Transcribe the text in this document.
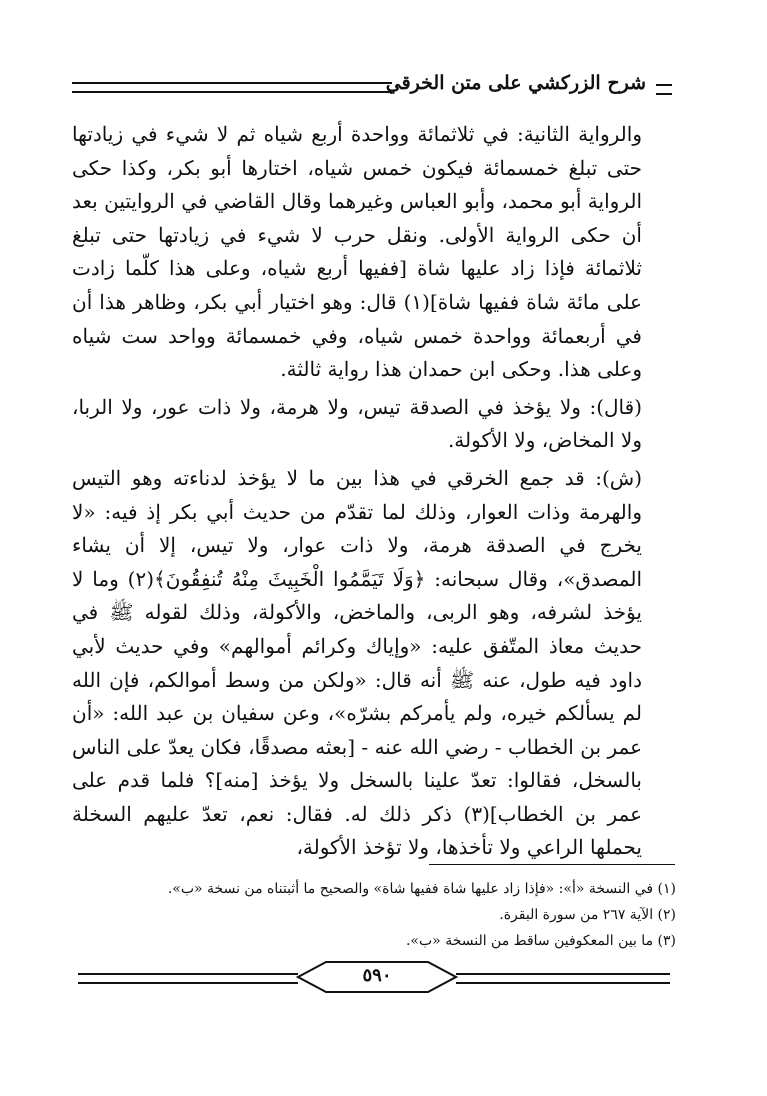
شرح الزركشي على متن الخرقي

والرواية الثانية: في ثلاثمائة وواحدة أربع شياه ثم لا شيء في زيادتها حتى تبلغ خمسمائة فيكون خمس شياه، اختارها أبو بكر، وكذا حكى الرواية أبو محمد، وأبو العباس وغيرهما وقال القاضي في الروايتين بعد أن حكى الرواية الأولى. ونقل حرب لا شيء في زيادتها حتى تبلغ ثلاثمائة فإذا زاد عليها شاة [ففيها أربع شياه، وعلى هذا كلّما زادت على مائة شاة ففيها شاة](١) قال: وهو اختيار أبي بكر، وظاهر هذا أن في أربعمائة وواحدة خمس شياه، وفي خمسمائة وواحد ست شياه وعلى هذا. وحكى ابن حمدان هذا رواية ثالثة.

(قال): ولا يؤخذ في الصدقة تيس، ولا هرمة، ولا ذات عور، ولا الربا، ولا المخاض، ولا الأكولة.

(ش): قد جمع الخرقي في هذا بين ما لا يؤخذ لدناءته وهو التيس والهرمة وذات العوار، وذلك لما تقدّم من حديث أبي بكر إذ فيه: «لا يخرج في الصدقة هرمة، ولا ذات عوار، ولا تيس، إلا أن يشاء المصدق»، وقال سبحانه: ﴿وَلَا تَيَمَّمُوا الْخَبِيثَ مِنْهُ تُنفِقُونَ﴾(٢) وما لا يؤخذ لشرفه، وهو الربى، والماخض، والأكولة، وذلك لقوله ﷺ في حديث معاذ المتّفق عليه: «وإياك وكرائم أموالهم» وفي حديث لأبي داود فيه طول، عنه ﷺ أنه قال: «ولكن من وسط أموالكم، فإن الله لم يسألكم خيره، ولم يأمركم بشرّه»، وعن سفيان بن عبد الله: «أن عمر بن الخطاب - رضي الله عنه - [بعثه مصدقًا، فكان يعدّ على الناس بالسخل، فقالوا: تعدّ علينا بالسخل ولا يؤخذ [منه]؟ فلما قدم على عمر بن الخطاب](٣) ذكر ذلك له. فقال: نعم، تعدّ عليهم السخلة يحملها الراعي ولا تأخذها، ولا تؤخذ الأكولة،

(١) في النسخة «أ»: «فإذا زاد عليها شاة ففيها شاة» والصحيح ما أثبتناه من نسخة «ب».
(٢) الآية ٢٦٧ من سورة البقرة.
(٣) ما بين المعكوفين ساقط من النسخة «ب».
٥٩٠
